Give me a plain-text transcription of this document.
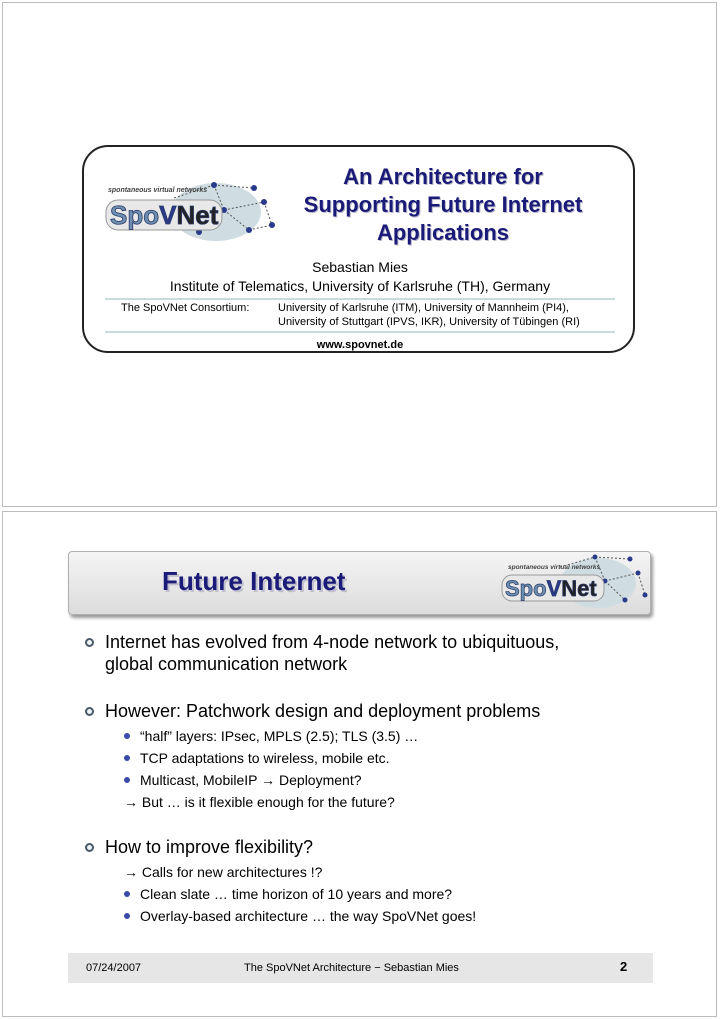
spontaneous virtual networks
SpoVNet
An Architecture for
Supporting Future Internet
Applications
Sebastian Mies
Institute of Telematics, University of Karlsruhe (TH), Germany
The SpoVNet Consortium:	University of Karlsruhe (ITM), University of Mannheim (PI4),
University of Stuttgart (IPVS, IKR), University of Tübingen (RI)
www.spovnet.de
Future Internet	spontaneous virtual networks
SpoVNet
Internet has evolved from 4-node network to ubiquituous,
global communication network
However: Patchwork design and deployment problems
“half” layers: IPsec, MPLS (2.5); TLS (3.5) …
TCP adaptations to wireless, mobile etc.
Multicast, MobileIP → Deployment?
→ But … is it flexible enough for the future?
How to improve flexibility?
→ Calls for new architectures !?
Clean slate … time horizon of 10 years and more?
Overlay-based architecture … the way SpoVNet goes!
07/24/2007	The SpoVNet Architecture − Sebastian Mies	2
